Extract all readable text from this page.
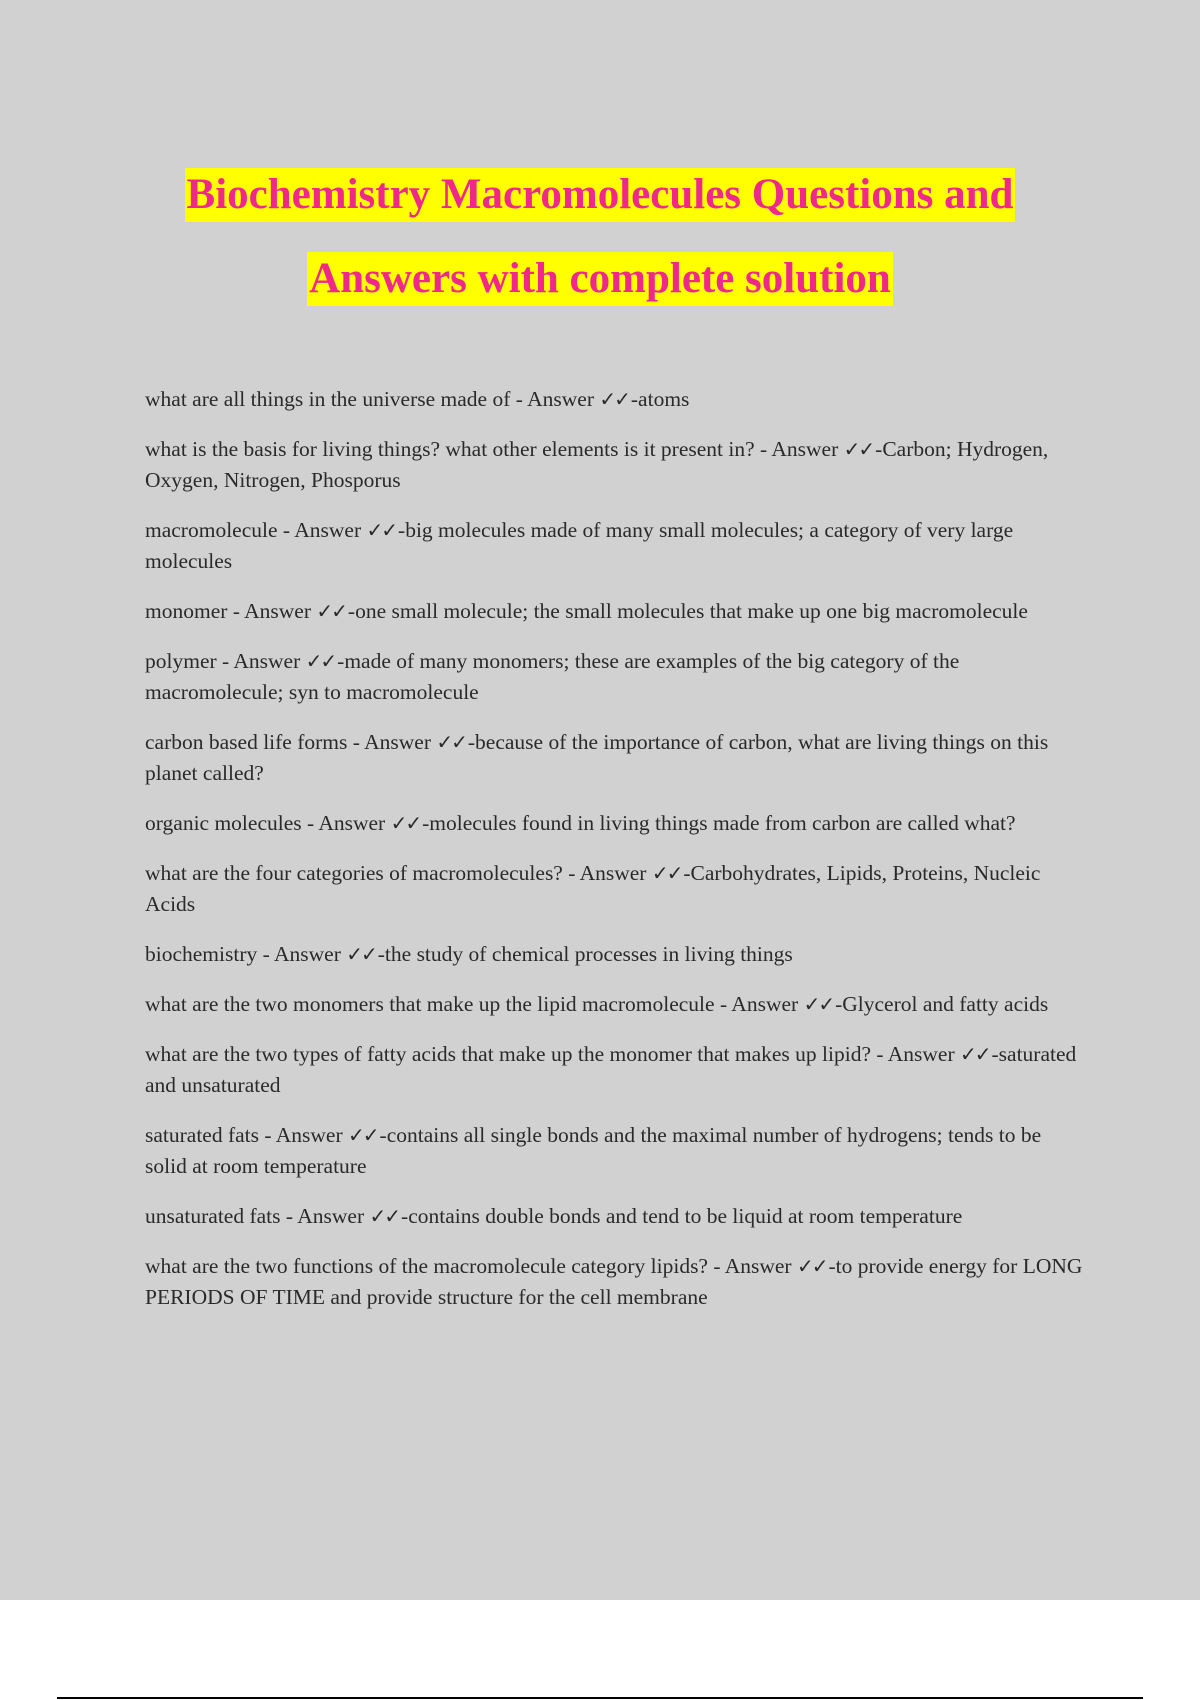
Biochemistry Macromolecules Questions and
Answers with complete solution
what are all things in the universe made of - Answer ✓✓-atoms
what is the basis for living things? what other elements is it present in? - Answer ✓✓-Carbon; Hydrogen, Oxygen, Nitrogen, Phosporus
macromolecule - Answer ✓✓-big molecules made of many small molecules; a category of very large molecules
monomer - Answer ✓✓-one small molecule; the small molecules that make up one big macromolecule
polymer - Answer ✓✓-made of many monomers; these are examples of the big category of the macromolecule; syn to macromolecule
carbon based life forms - Answer ✓✓-because of the importance of carbon, what are living things on this planet called?
organic molecules - Answer ✓✓-molecules found in living things made from carbon are called what?
what are the four categories of macromolecules? - Answer ✓✓-Carbohydrates, Lipids, Proteins, Nucleic Acids
biochemistry - Answer ✓✓-the study of chemical processes in living things
what are the two monomers that make up the lipid macromolecule - Answer ✓✓-Glycerol and fatty acids
what are the two types of fatty acids that make up the monomer that makes up lipid? - Answer ✓✓-saturated and unsaturated
saturated fats - Answer ✓✓-contains all single bonds and the maximal number of hydrogens; tends to be solid at room temperature
unsaturated fats - Answer ✓✓-contains double bonds and tend to be liquid at room temperature
what are the two functions of the macromolecule category lipids? - Answer ✓✓-to provide energy for LONG PERIODS OF TIME and provide structure for the cell membrane
